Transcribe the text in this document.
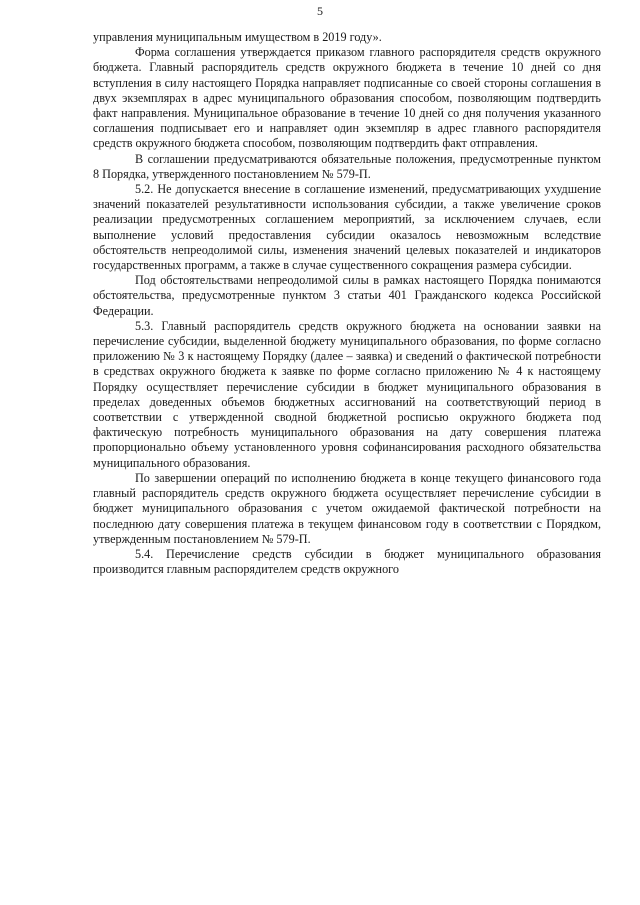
5

управления муниципальным имуществом в 2019 году».

Форма соглашения утверждается приказом главного распорядителя средств окружного бюджета. Главный распорядитель средств окружного бюджета в течение 10 дней со дня вступления в силу настоящего Порядка направляет подписанные со своей стороны соглашения в двух экземплярах в адрес муниципального образования способом, позволяющим подтвердить факт направления. Муниципальное образование в течение 10 дней со дня получения указанного соглашения подписывает его и направляет один экземпляр в адрес главного распорядителя средств окружного бюджета способом, позволяющим подтвердить факт отправления.

В соглашении предусматриваются обязательные положения, предусмотренные пунктом 8 Порядка, утвержденного постановлением № 579-П.

5.2. Не допускается внесение в соглашение изменений, предусматривающих ухудшение значений показателей результативности использования субсидии, а также увеличение сроков реализации предусмотренных соглашением мероприятий, за исключением случаев, если выполнение условий предоставления субсидии оказалось невозможным вследствие обстоятельств непреодолимой силы, изменения значений целевых показателей и индикаторов государственных программ, а также в случае существенного сокращения размера субсидии.

Под обстоятельствами непреодолимой силы в рамках настоящего Порядка понимаются обстоятельства, предусмотренные пунктом 3 статьи 401 Гражданского кодекса Российской Федерации.

5.3. Главный распорядитель средств окружного бюджета на основании заявки на перечисление субсидии, выделенной бюджету муниципального образования, по форме согласно приложению № 3 к настоящему Порядку (далее – заявка) и сведений о фактической потребности в средствах окружного бюджета к заявке по форме согласно приложению № 4 к настоящему Порядку осуществляет перечисление субсидии в бюджет муниципального образования в пределах доведенных объемов бюджетных ассигнований на соответствующий период в соответствии с утвержденной сводной бюджетной росписью окружного бюджета под фактическую потребность муниципального образования на дату совершения платежа пропорционально объему установленного уровня софинансирования расходного обязательства муниципального образования.

По завершении операций по исполнению бюджета в конце текущего финансового года главный распорядитель средств окружного бюджета осуществляет перечисление субсидии в бюджет муниципального образования с учетом ожидаемой фактической потребности на последнюю дату совершения платежа в текущем финансовом году в соответствии с Порядком, утвержденным постановлением № 579-П.

5.4. Перечисление средств субсидии в бюджет муниципального образования производится главным распорядителем средств окружного
